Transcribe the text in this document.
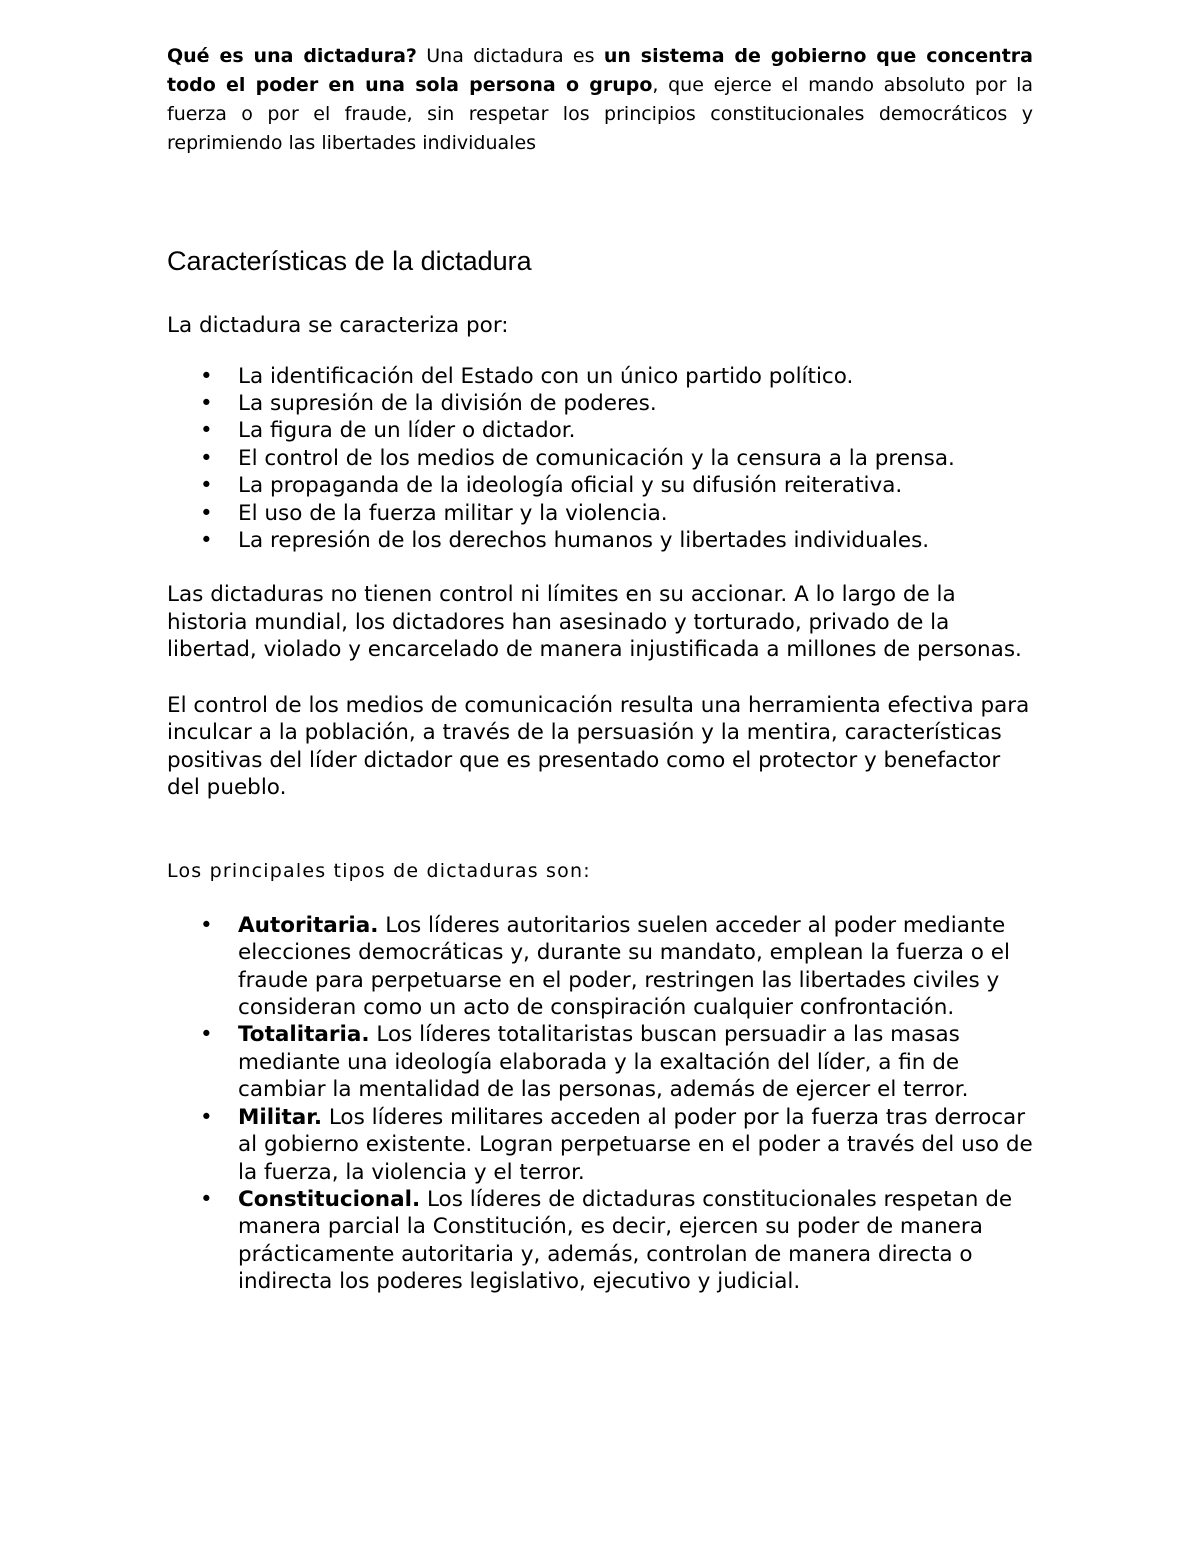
Qué es una dictadura? Una dictadura es un sistema de gobierno que concentra todo el poder en una sola persona o grupo, que ejerce el mando absoluto por la fuerza o por el fraude, sin respetar los principios constitucionales democráticos y reprimiendo las libertades individuales

Características de la dictadura

La dictadura se caracteriza por:

• La identificación del Estado con un único partido político.
• La supresión de la división de poderes.
• La figura de un líder o dictador.
• El control de los medios de comunicación y la censura a la prensa.
• La propaganda de la ideología oficial y su difusión reiterativa.
• El uso de la fuerza militar y la violencia.
• La represión de los derechos humanos y libertades individuales.

Las dictaduras no tienen control ni límites en su accionar. A lo largo de la historia mundial, los dictadores han asesinado y torturado, privado de la libertad, violado y encarcelado de manera injustificada a millones de personas.

El control de los medios de comunicación resulta una herramienta efectiva para inculcar a la población, a través de la persuasión y la mentira, características positivas del líder dictador que es presentado como el protector y benefactor del pueblo.

Los principales tipos de dictaduras son:

• Autoritaria. Los líderes autoritarios suelen acceder al poder mediante elecciones democráticas y, durante su mandato, emplean la fuerza o el fraude para perpetuarse en el poder, restringen las libertades civiles y consideran como un acto de conspiración cualquier confrontación.
• Totalitaria. Los líderes totalitaristas buscan persuadir a las masas mediante una ideología elaborada y la exaltación del líder, a fin de cambiar la mentalidad de las personas, además de ejercer el terror.
• Militar. Los líderes militares acceden al poder por la fuerza tras derrocar al gobierno existente. Logran perpetuarse en el poder a través del uso de la fuerza, la violencia y el terror.
• Constitucional. Los líderes de dictaduras constitucionales respetan de manera parcial la Constitución, es decir, ejercen su poder de manera prácticamente autoritaria y, además, controlan de manera directa o indirecta los poderes legislativo, ejecutivo y judicial.
